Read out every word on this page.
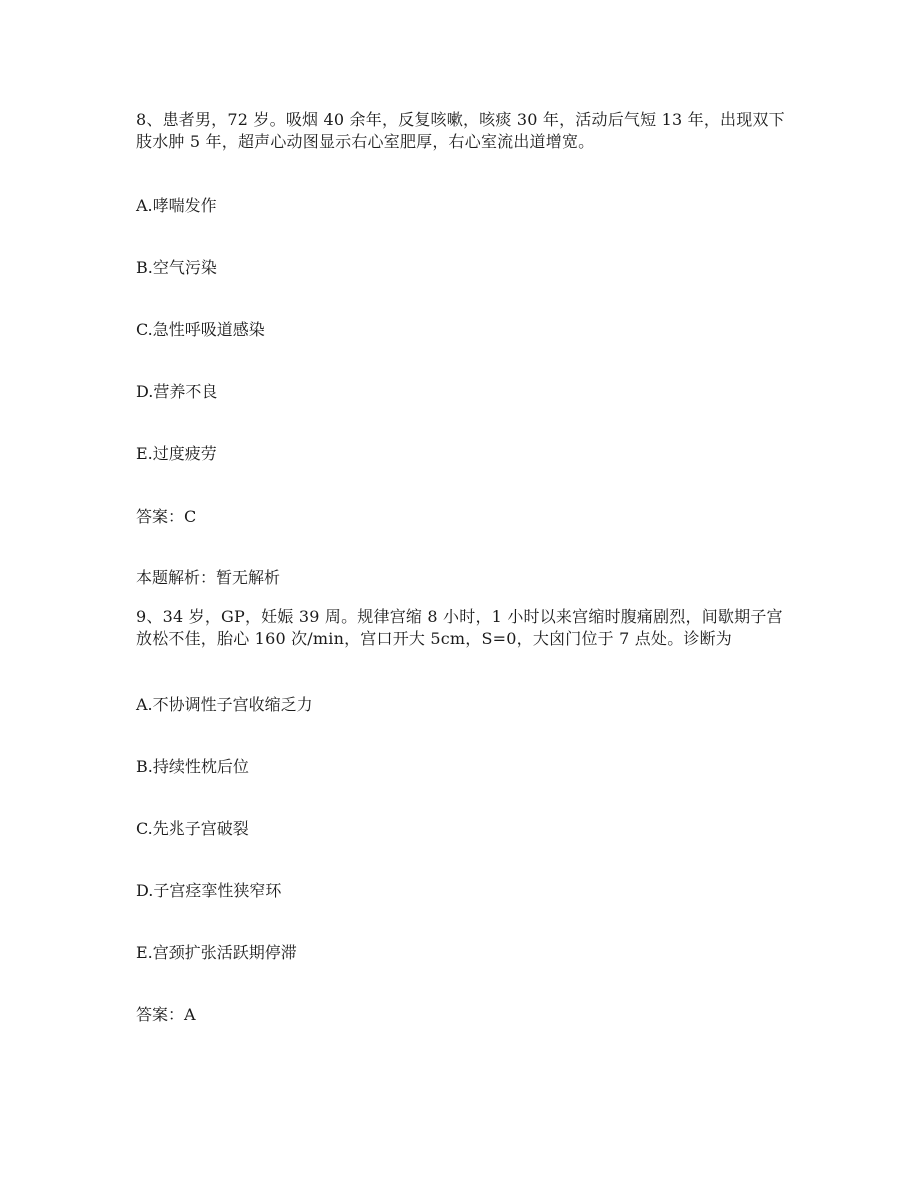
8、患者男，72 岁。吸烟 40 余年，反复咳嗽，咳痰 30 年，活动后气短 13 年，出现双下
肢水肿 5 年，超声心动图显示右心室肥厚，右心室流出道增宽。
A.哮喘发作
B.空气污染
C.急性呼吸道感染
D.营养不良
E.过度疲劳
答案：C
本题解析：暂无解析
9、34 岁，GP，妊娠 39 周。规律宫缩 8 小时，1 小时以来宫缩时腹痛剧烈，间歇期子宫
放松不佳，胎心 160 次/min，宫口开大 5cm，S=0，大囟门位于 7 点处。诊断为
A.不协调性子宫收缩乏力
B.持续性枕后位
C.先兆子宫破裂
D.子宫痉挛性狭窄环
E.宫颈扩张活跃期停滞
答案：A
